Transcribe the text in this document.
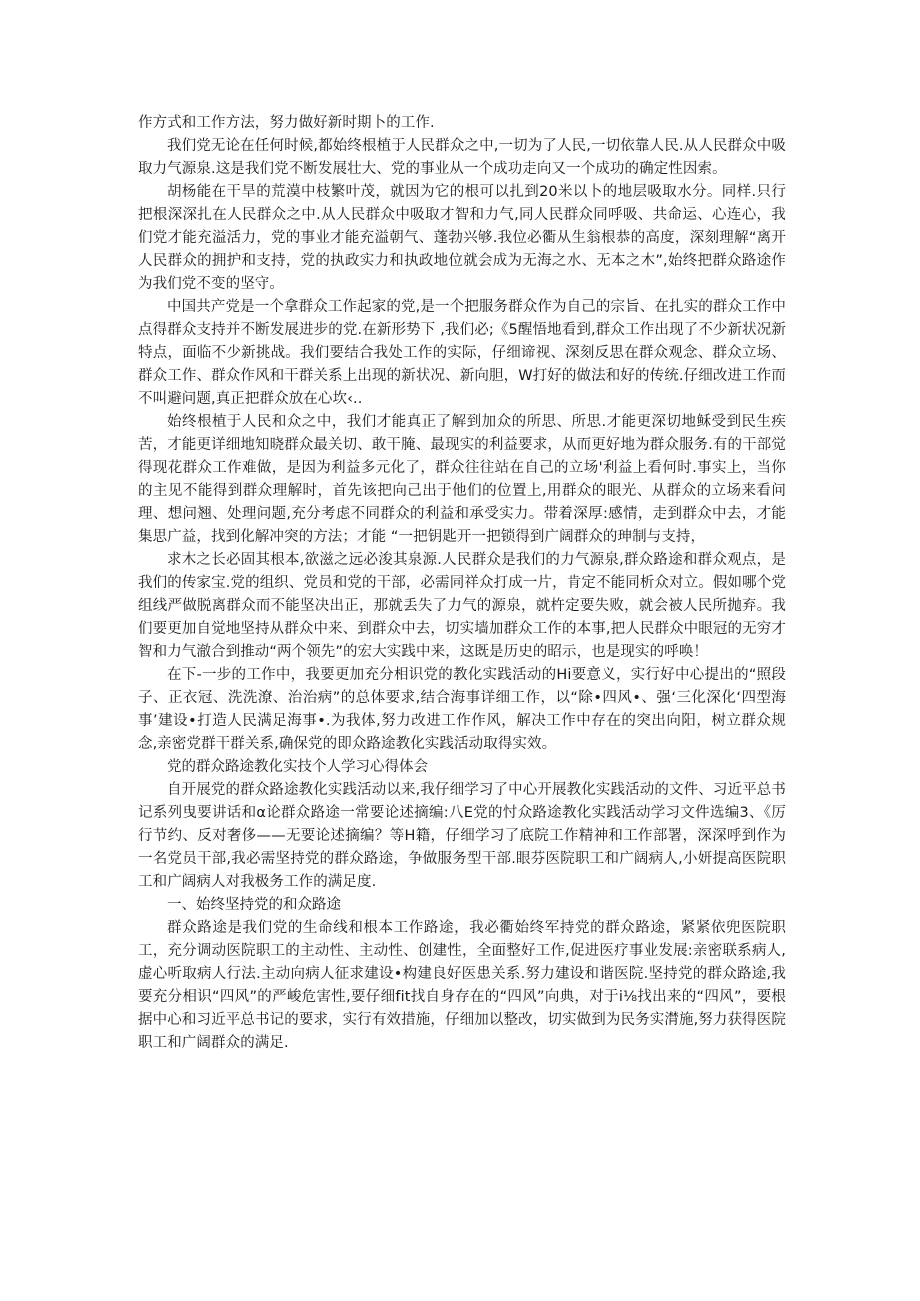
作方式和工作方法，努力做好新时期卜的工作.

我们党无论在任何时候,都始终根植于人民群众之中,一切为了人民,一切依靠人民.从人民群众中吸取力气源泉.这是我们党不断发展壮大、党的事业从一个成功走向又一个成功的确定性因索。

胡杨能在干旱的荒漠中枝繁叶茂，就因为它的根可以扎到20米以卜的地层吸取水分。同样.只行把根深深扎在人民群众之中.从人民群众中吸取才智和力气,同人民群众同呼吸、共命运、心连心，我们党才能充溢活力，党的事业才能充溢朝气、蓬勃兴够.我位必衢从生翁根恭的高度，深刻理解“离开人民群众的拥护和支持，党的执政实力和执政地位就会成为无海之水、无本之木”,始终把群众路途作为我们党不变的坚守。

中国共产党是一个拿群众工作起家的党,是一个把服务群众作为自己的宗旨、在扎实的群众工作中点得群众支持并不断发展进步的党.在新形势下 ,我们必;《5醒悟地看到,群众工作出现了不少新状况新特点，面临不少新挑战。我们要结合我处工作的实际，仔细谛视、深刻反思在群众观念、群众立场、群众工作、群众作风和干群关系上出现的新状况、新向胆，W打好的做法和好的传统.仔细改进工作而不叫避问题,真正把群众放在心坎‹..

始终根植于人民和众之中，我们才能真正了解到加众的所思、所思.才能更深切地稣受到民生疾苦，才能更详细地知晓群众最关切、敢干腌、最现实的利益要求，从而更好地为群众服务.有的干部觉得现花群众工作难做，是因为利益多元化了，群众往往站在自己的立场'利益上看何时.事实上，当你的主见不能得到群众理解时，首先该把向己出于他们的位置上,用群众的眼光、从群众的立场来看问理、想问翘、处理问题,充分考虑不同群众的利益和承受实力。带着深厚:感情，走到群众中去，才能集思广益，找到化解冲突的方法；才能 “一把钥匙开一把锁得到广阔群众的珅制与支持，

求木之长必固其根本,欲滋之远必浚其泉源.人民群众是我们的力气源泉,群众路途和群众观点，是我们的传家宝.党的组织、党员和党的干部，必需同祥众打成一片，肯定不能同析众对立。假如哪个党组线严做脱离群众而不能坚决出正，那就丢失了力气的源泉，就杵定要失败，就会被人民所抛弃。我们要更加自觉地坚持从群众中来、到群众中去，切实墙加群众工作的本事,把人民群众中眼冠的无穷才智和力气澈合到推动“两个领先”的宏大实践中来，这既是历史的昭示，也是现实的呼唤！

在下-一步的工作中，我要更加充分相识党的教化实践活动的Hi要意义，实行好中心提出的“照段子、正衣冠、洗洗潦、治治病”的总体要求,结合海事详细工作，以“除•四风•、强‘三化深化‘四型海事’建设•打造人民满足海事•.为我体,努力改进工作作风，解决工作中存在的突出向阳，树立群众规念,亲密党群干群关系,确保党的即众路途教化实践活动取得实效。

党的群众路途教化实技个人学习心得体会

自开展党的群众路途教化实践活动以来,我仔细学习了中心开展教化实践活动的文件、习近平总书记系列曳要讲话和α论群众路途一常要论述摘编:八E党的忖众路途教化实践活动学习文件选编3、《厉行节约、反对奢侈——无要论述摘编？等H籍，仔细学习了底院工作精神和工作部署，深深呼到作为一名党员干部,我必需坚持党的群众路途，争做服务型干部.眼芬医院职工和广阔病人,小妍提高医院职工和广阔病人对我极务工作的满足度.

一、始终坚持党的和众路途

群众路途是我们党的生命线和根本工作路途，我必衢始终军持党的群众路途，紧紧依兜医院职工，充分调动医院职工的主动性、主动性、创建性，全面整好工作,促进医疗事业发展:亲密联系病人,虚心听取病人行法.主动向病人征求建设•构建良好医患关系.努力建设和谐医院.坚持党的群众路途,我要充分相识“四风”的严峻危害性,要仔细fit找自身存在的“四风”向典，对于i⅛找出来的“四风”，要根据中心和习近平总书记的要求，实行有效措施，仔细加以整改，切实做到为民务实潸施,努力获得医院职工和广阔群众的满足.
